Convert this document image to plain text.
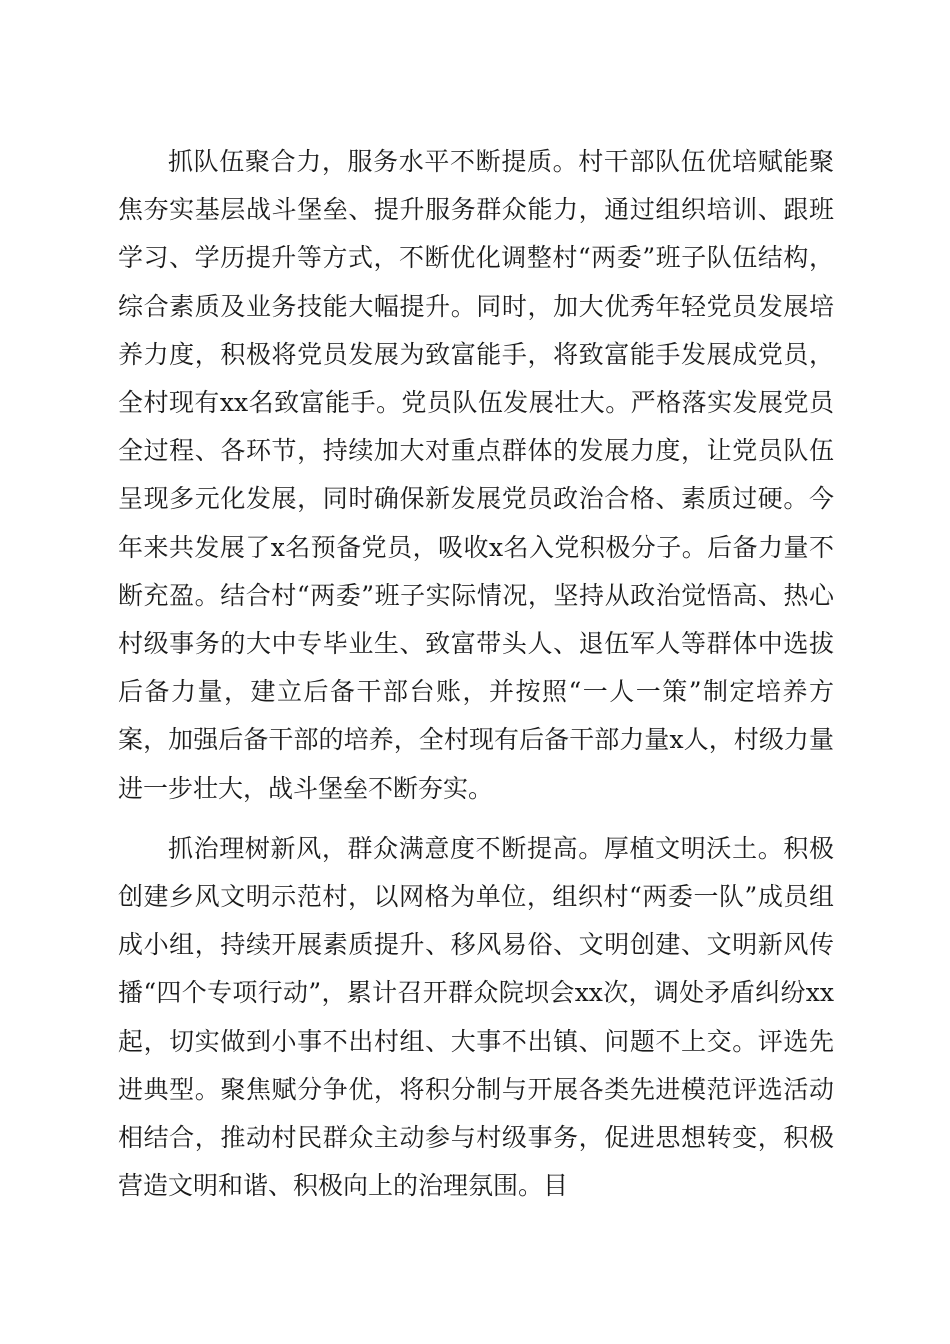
抓队伍聚合力，服务水平不断提质。村干部队伍优培赋能聚焦夯实基层战斗堡垒、提升服务群众能力，通过组织培训、跟班学习、学历提升等方式，不断优化调整村“两委”班子队伍结构，综合素质及业务技能大幅提升。同时，加大优秀年轻党员发展培养力度，积极将党员发展为致富能手，将致富能手发展成党员，全村现有xx名致富能手。党员队伍发展壮大。严格落实发展党员全过程、各环节，持续加大对重点群体的发展力度，让党员队伍呈现多元化发展，同时确保新发展党员政治合格、素质过硬。今年来共发展了x名预备党员，吸收x名入党积极分子。后备力量不断充盈。结合村“两委”班子实际情况，坚持从政治觉悟高、热心村级事务的大中专毕业生、致富带头人、退伍军人等群体中选拔后备力量，建立后备干部台账，并按照“一人一策”制定培养方案，加强后备干部的培养，全村现有后备干部力量x人，村级力量进一步壮大，战斗堡垒不断夯实。

抓治理树新风，群众满意度不断提高。厚植文明沃土。积极创建乡风文明示范村，以网格为单位，组织村“两委一队”成员组成小组，持续开展素质提升、移风易俗、文明创建、文明新风传播“四个专项行动”，累计召开群众院坝会xx次，调处矛盾纠纷xx起，切实做到小事不出村组、大事不出镇、问题不上交。评选先进典型。聚焦赋分争优，将积分制与开展各类先进模范评选活动相结合，推动村民群众主动参与村级事务，促进思想转变，积极营造文明和谐、积极向上的治理氛围。目
